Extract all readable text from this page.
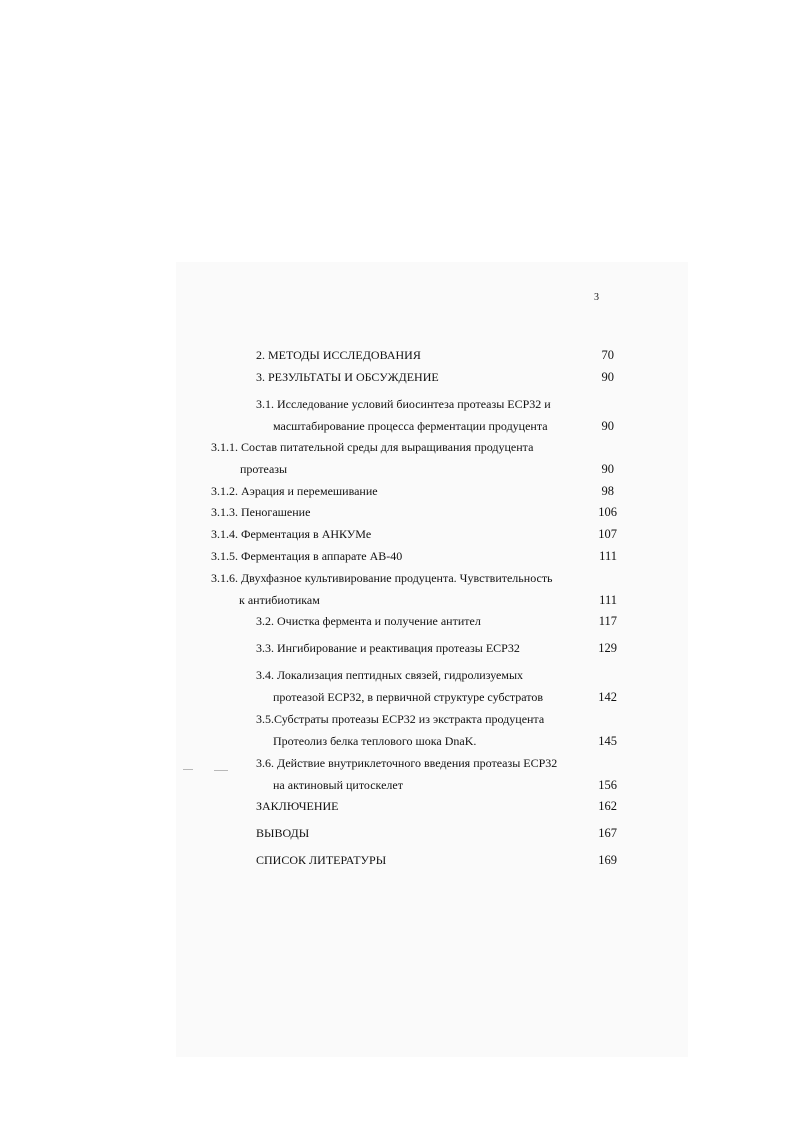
3
2. МЕТОДЫ ИССЛЕДОВАНИЯ	70
3. РЕЗУЛЬТАТЫ И ОБСУЖДЕНИЕ	90
3.1. Исследование условий биосинтеза протеазы ЕСР32 и
масштабирование процесса ферментации продуцента	90
3.1.1. Состав питательной среды для выращивания продуцента
протеазы	90
3.1.2. Аэрация и перемешивание	98
3.1.3. Пеногашение	106
3.1.4. Ферментация в АНКУМе	107
3.1.5. Ферментация в аппарате АВ-40	111
3.1.6. Двухфазное культивирование продуцента. Чувствительность
к антибиотикам	111
3.2. Очистка фермента и получение антител	117
3.3. Ингибирование и реактивация протеазы ЕСР32	129
3.4. Локализация пептидных связей, гидролизуемых
протеазой ЕСР32, в первичной структуре субстратов	142
3.5.Субстраты протеазы ЕСР32 из экстракта продуцента
Протеолиз белка теплового шока DnaK.	145
3.6. Действие внутриклеточного введения протеазы ЕСР32
на актиновый цитоскелет	156
ЗАКЛЮЧЕНИЕ	162
ВЫВОДЫ	167
СПИСОК ЛИТЕРАТУРЫ	169
